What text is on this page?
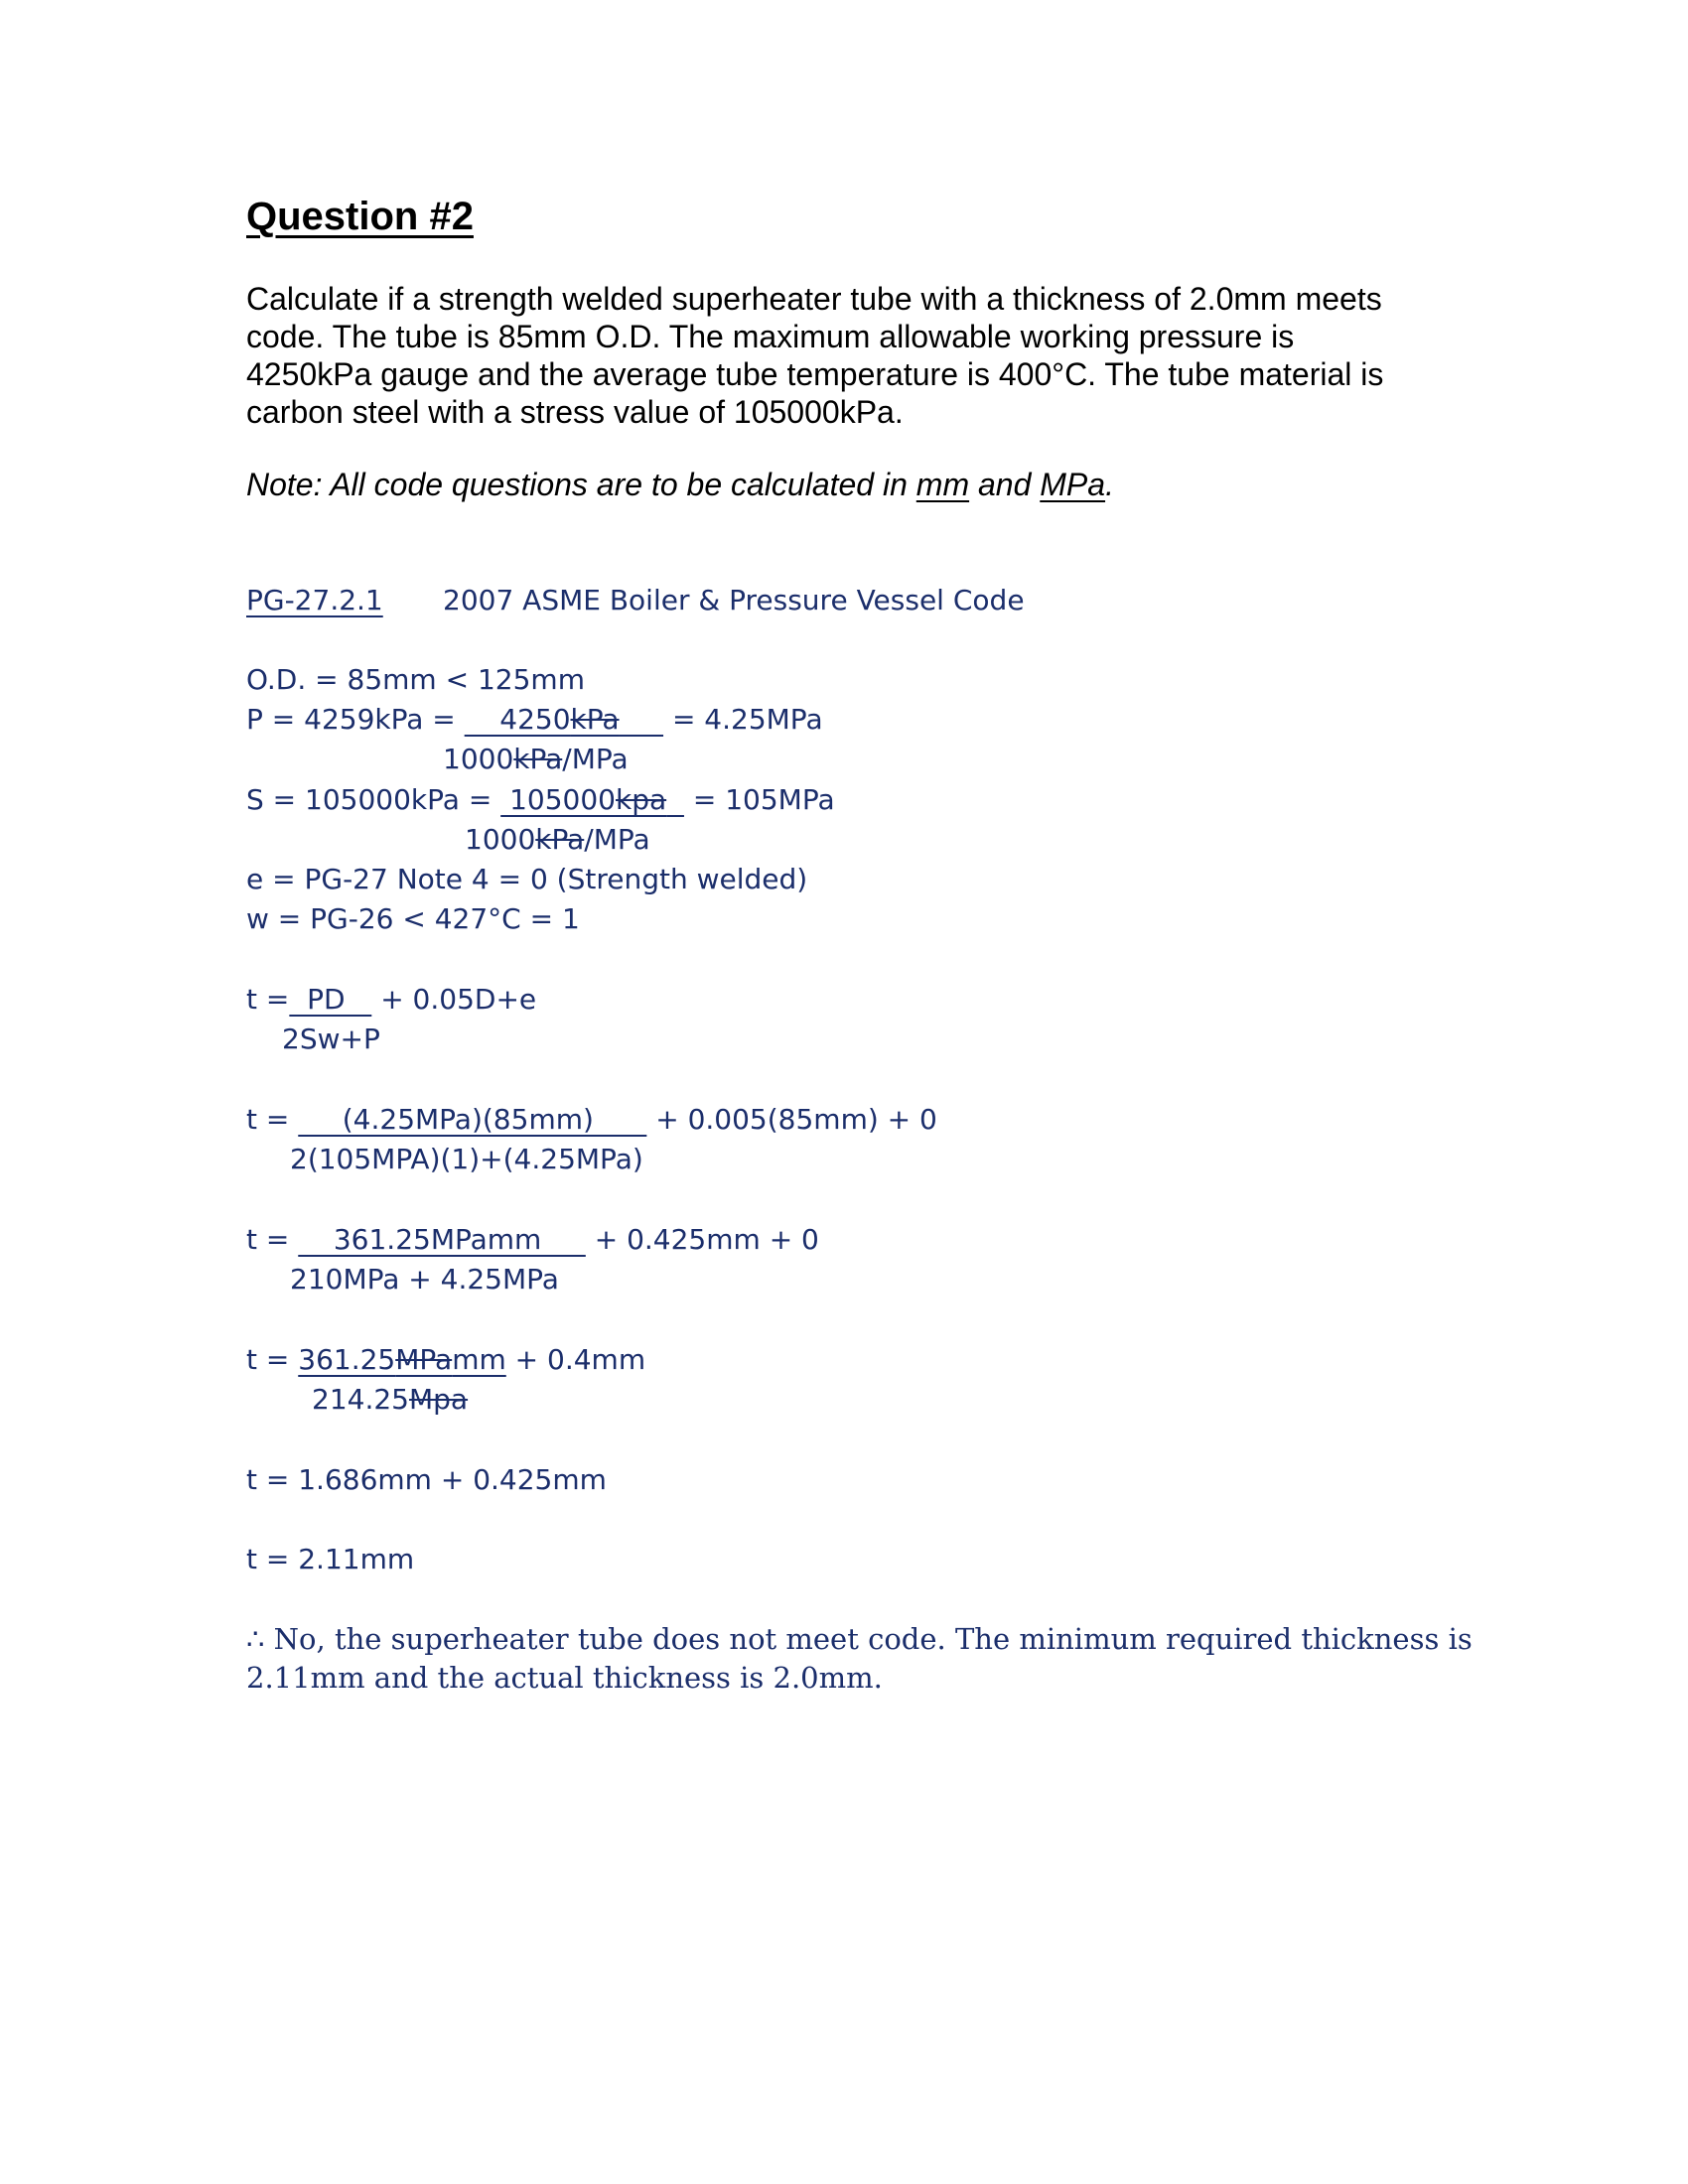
Question #2
Calculate if a strength welded superheater tube with a thickness of 2.0mm meets
code. The tube is 85mm O.D. The maximum allowable working pressure is
4250kPa gauge and the average tube temperature is 400°C. The tube material is
carbon steel with a stress value of 105000kPa.
Note: All code questions are to be calculated in mm and MPa.
PG-27.2.1 2007 ASME Boiler & Pressure Vessel Code
O.D. = 85mm < 125mm
P = 4259kPa =     4250kPa      = 4.25MPa
1000kPa/MPa
S = 105000kPa =  105000kpa   = 105MPa
1000kPa/MPa
e = PG-27 Note 4 = 0 (Strength welded)
w = PG-26 < 427°C = 1
t =  PD    + 0.05D+e
2Sw+P
t =      (4.25MPa)(85mm)       + 0.005(85mm) + 0
2(105MPA)(1)+(4.25MPa)
t =     361.25MPamm      + 0.425mm + 0
210MPa + 4.25MPa
t = 361.25MPamm + 0.4mm
214.25Mpa
t = 1.686mm + 0.425mm
t = 2.11mm
∴ No, the superheater tube does not meet code. The minimum required thickness is
2.11mm and the actual thickness is 2.0mm.
